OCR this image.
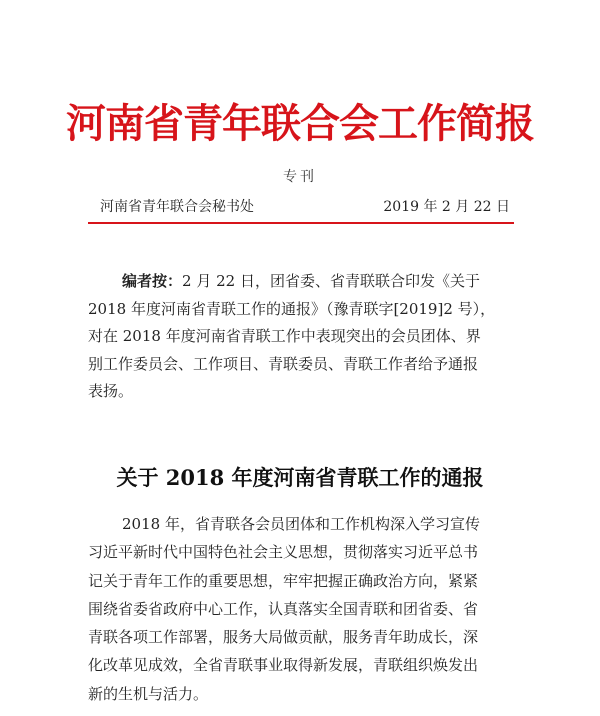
河南省青年联合会工作简报
专刊
河南省青年联合会秘书处	2019 年 2 月 22 日
编者按：2 月 22 日，团省委、省青联联合印发《关于
2018 年度河南省青联工作的通报》（豫青联字[2019]2 号），
对在 2018 年度河南省青联工作中表现突出的会员团体、界
别工作委员会、工作项目、青联委员、青联工作者给予通报
表扬。
关于 2018 年度河南省青联工作的通报
2018 年，省青联各会员团体和工作机构深入学习宣传
习近平新时代中国特色社会主义思想，贯彻落实习近平总书
记关于青年工作的重要思想，牢牢把握正确政治方向，紧紧
围绕省委省政府中心工作，认真落实全国青联和团省委、省
青联各项工作部署，服务大局做贡献，服务青年助成长，深
化改革见成效，全省青联事业取得新发展，青联组织焕发出
新的生机与活力。
